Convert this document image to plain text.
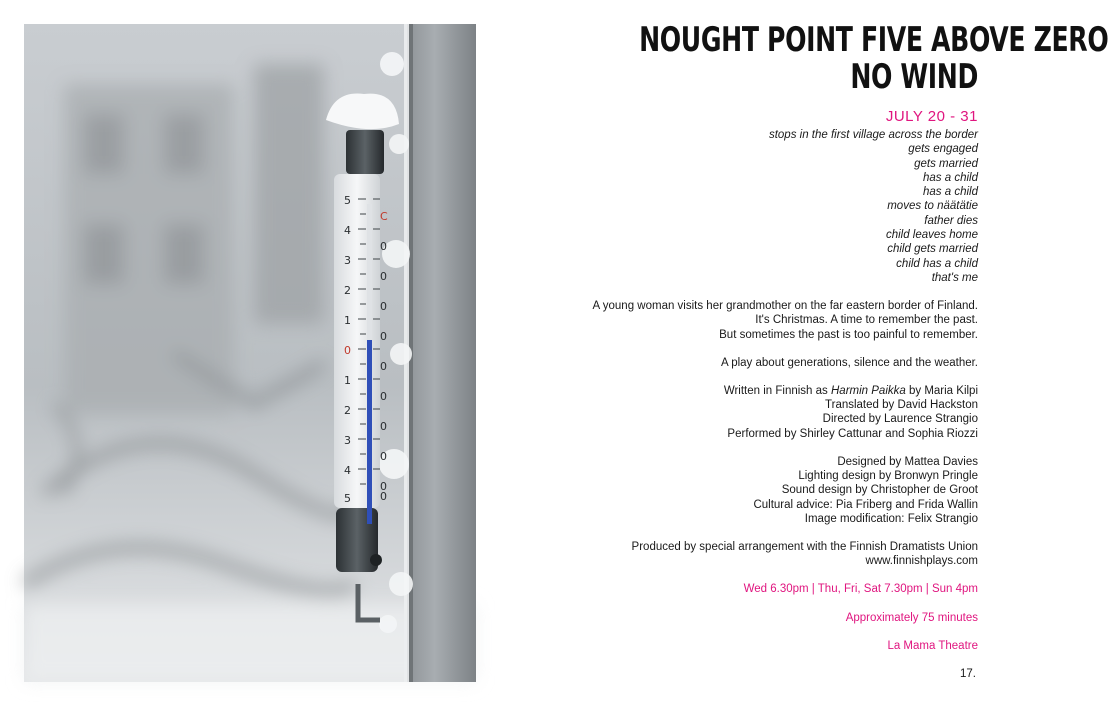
5
4
3
2
1
0
1
2
3
4
5
C
0
0
0
0
0
0
0
0
0
0
NOUGHT POINT FIVE ABOVE ZERO
NO WIND
JULY 20 - 31
stops in the first village across the border
gets engaged
gets married
has a child
has a child
moves to näätätie
father dies
child leaves home
child gets married
child has a child
that's me
A young woman visits her grandmother on the far eastern border of Finland.
It's Christmas. A time to remember the past.
But sometimes the past is too painful to remember.
A play about generations, silence and the weather.
Written in Finnish as Harmin Paikka by Maria Kilpi
Translated by David Hackston
Directed by Laurence Strangio
Performed by Shirley Cattunar and Sophia Riozzi
Designed by Mattea Davies
Lighting design by Bronwyn Pringle
Sound design by Christopher de Groot
Cultural advice: Pia Friberg and Frida Wallin
Image modification: Felix Strangio
Produced by special arrangement with the Finnish Dramatists Union
www.finnishplays.com
Wed 6.30pm | Thu, Fri, Sat 7.30pm | Sun 4pm
Approximately 75 minutes
La Mama Theatre
17.
